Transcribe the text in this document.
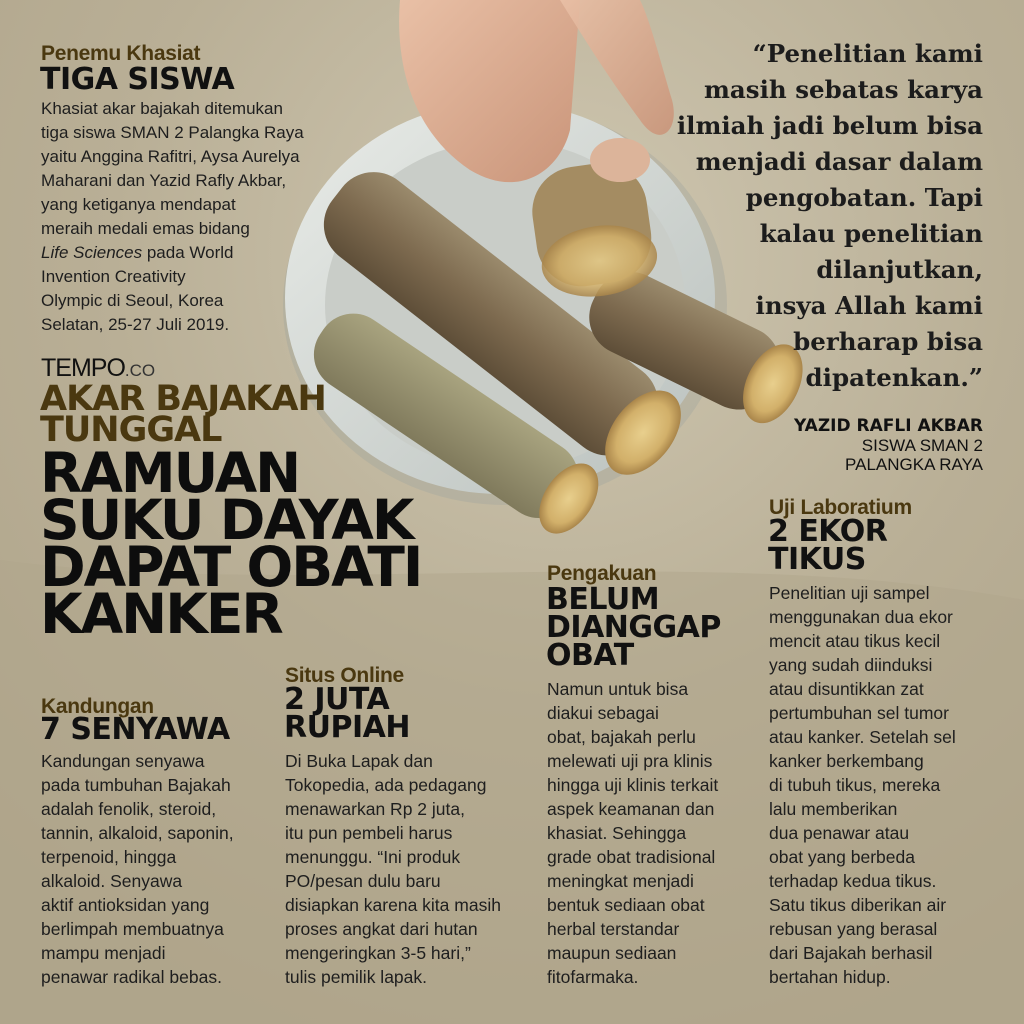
Penemu Khasiat
TIGA SISWA
Khasiat akar bajakah ditemukan
tiga siswa SMAN 2 Palangka Raya
yaitu Anggina Rafitri, Aysa Aurelya
Maharani dan Yazid Rafly Akbar,
yang ketiganya mendapat
meraih medali emas bidang
Life Sciences pada World
Invention Creativity
Olympic di Seoul, Korea
Selatan, 25-27 Juli 2019.
“Penelitian kami
masih sebatas karya
ilmiah jadi belum bisa
menjadi dasar dalam
pengobatan. Tapi
kalau penelitian
dilanjutkan,
insya Allah kami
berharap bisa
dipatenkan.”
YAZID RAFLI AKBAR
SISWA SMAN 2
PALANGKA RAYA
TEMPO.CO
AKAR BAJAKAH
TUNGGAL
RAMUAN
SUKU DAYAK
DAPAT OBATI
KANKER
Kandungan
7 SENYAWA
Kandungan senyawa
pada tumbuhan Bajakah
adalah fenolik, steroid,
tannin, alkaloid, saponin,
terpenoid, hingga
alkaloid. Senyawa
aktif antioksidan yang
berlimpah membuatnya
mampu menjadi
penawar radikal bebas.
Situs Online
2 JUTA
RUPIAH
Di Buka Lapak dan
Tokopedia, ada pedagang
menawarkan Rp 2 juta,
itu pun pembeli harus
menunggu. “Ini produk
PO/pesan dulu baru
disiapkan karena kita masih
proses angkat dari hutan
mengeringkan 3-5 hari,”
tulis pemilik lapak.
Pengakuan
BELUM
DIANGGAP
OBAT
Namun untuk bisa
diakui sebagai
obat, bajakah perlu
melewati uji pra klinis
hingga uji klinis terkait
aspek keamanan dan
khasiat. Sehingga
grade obat tradisional
meningkat menjadi
bentuk sediaan obat
herbal terstandar
maupun sediaan
fitofarmaka.
Uji Laboratium
2 EKOR
TIKUS
Penelitian uji sampel
menggunakan dua ekor
mencit atau tikus kecil
yang sudah diinduksi
atau disuntikkan zat
pertumbuhan sel tumor
atau kanker. Setelah sel
kanker berkembang
di tubuh tikus, mereka
lalu memberikan
dua penawar atau
obat yang berbeda
terhadap kedua tikus.
Satu tikus diberikan air
rebusan yang berasal
dari Bajakah berhasil
bertahan hidup.
